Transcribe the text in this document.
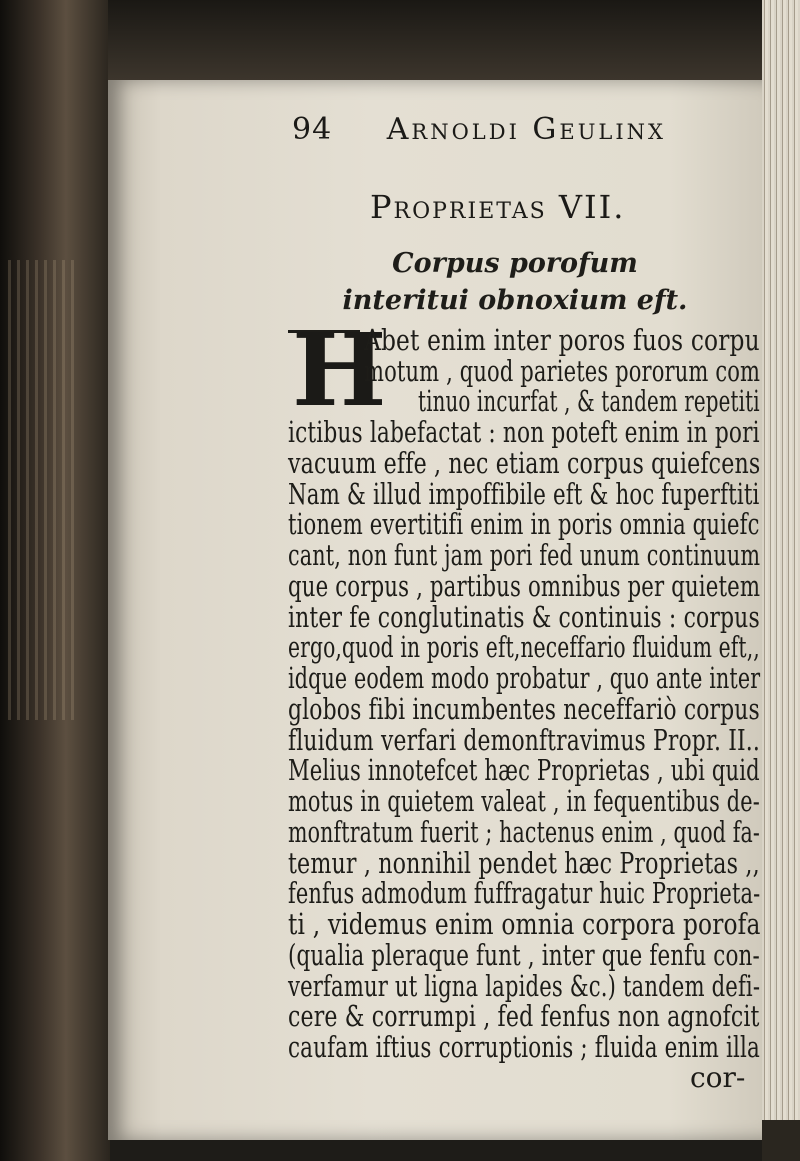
94 Arnoldi Geulinx
Proprietas VII.
Corpus porofum interitui obnoxium eft.
H
Abet enim inter poros fuos corpu
motum , quod parietes pororum com
tinuo incurfat , & tandem repetiti
ictibus labefactat : non poteft enim in pori
vacuum effe , nec etiam corpus quiefcens
Nam & illud impoffibile eft & hoc fuperftiti
tionem evertitifi enim in poris omnia quiefc
cant, non funt jam pori fed unum continuum
que corpus , partibus omnibus per quietem
inter fe conglutinatis & continuis : corpus
ergo,quod in poris eft,neceffario fluidum eft,,
idque eodem modo probatur , quo ante inter
globos fibi incumbentes neceffariò corpus
fluidum verfari demonftravimus Propr. II..
Melius innotefcet hæc Proprietas , ubi quid
motus in quietem valeat , in fequentibus de-
monftratum fuerit ; hactenus enim , quod fa-
temur , nonnihil pendet hæc Proprietas ,,
fenfus admodum fuffragatur huic Proprieta-
ti , videmus enim omnia corpora porofa
(qualia pleraque funt , inter que fenfu con-
verfamur ut ligna lapides &c.) tandem defi-
cere & corrumpi , fed fenfus non agnofcit
caufam iftius corruptionis ; fluida enim illa
cor-
